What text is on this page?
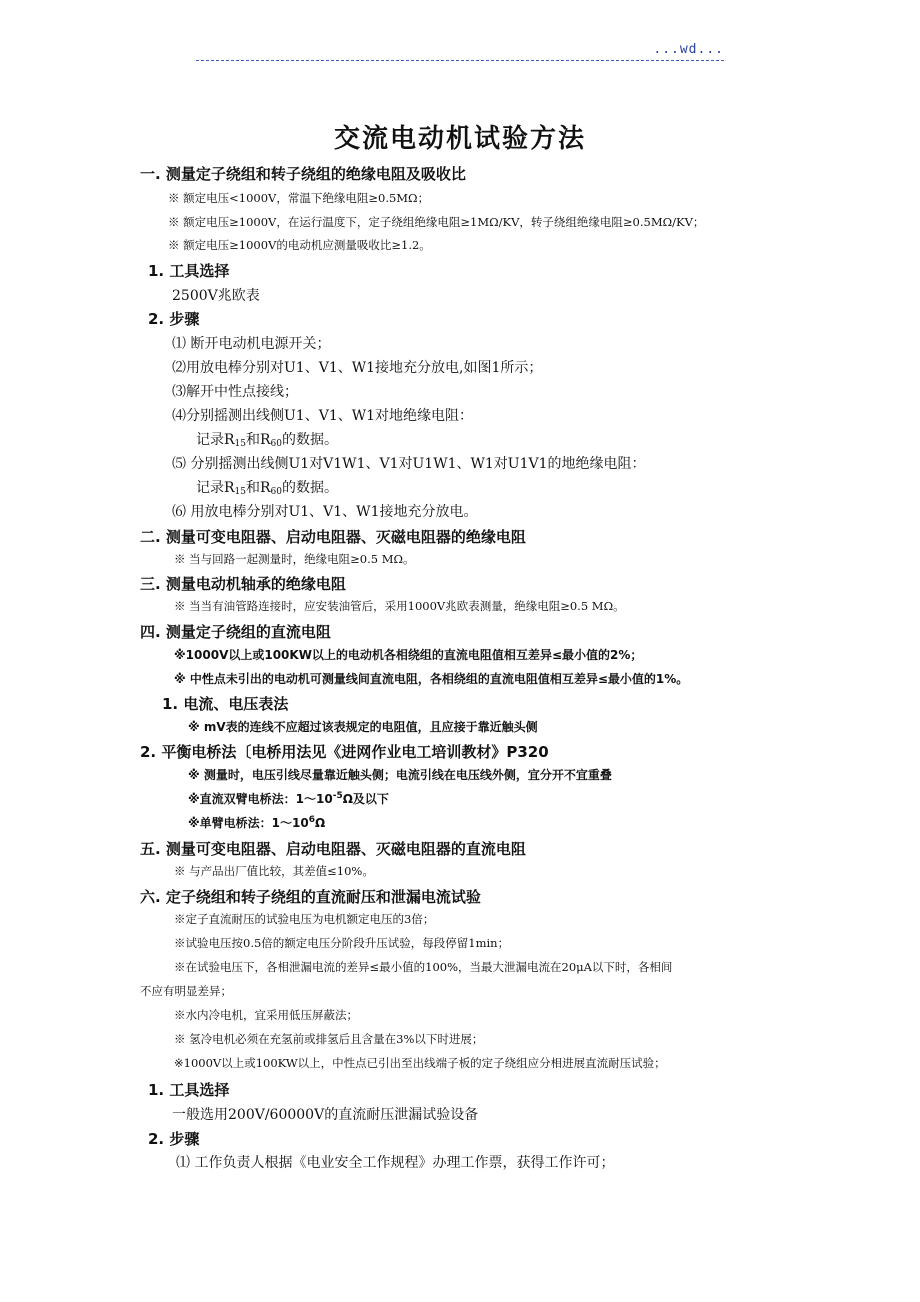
...wd...
交流电动机试验方法
一. 测量定子绕组和转子绕组的绝缘电阻及吸收比
※ 额定电压<1000V，常温下绝缘电阻≥0.5MΩ；
※ 额定电压≥1000V，在运行温度下，定子绕组绝缘电阻≥1MΩ/KV，转子绕组绝缘电阻≥0.5MΩ/KV；
※ 额定电压≥1000V的电动机应测量吸收比≥1.2。
1. 工具选择
2500V兆欧表
2. 步骤
⑴ 断开电动机电源开关；
⑵用放电棒分别对U1、V1、W1接地充分放电,如图1所示；
⑶解开中性点接线；
⑷分别摇测出线侧U1、V1、W1对地绝缘电阻：
记录$R_{15}$和$R_{60}$的数据。
⑸ 分别摇测出线侧U1对V1W1、V1对U1W1、W1对U1V1的地绝缘电阻：
记录$R_{15}$和$R_{60}$的数据。
⑹ 用放电棒分别对U1、V1、W1接地充分放电。
二. 测量可变电阻器、启动电阻器、灭磁电阻器的绝缘电阻
※ 当与回路一起测量时，绝缘电阻≥0.5 MΩ。
三. 测量电动机轴承的绝缘电阻
※ 当当有油管路连接时，应安装油管后，采用1000V兆欧表测量，绝缘电阻≥0.5 MΩ。
四. 测量定子绕组的直流电阻
※1000V以上或100KW以上的电动机各相绕组的直流电阻值相互差异≤最小值的2%；
※ 中性点未引出的电动机可测量线间直流电阻，各相绕组的直流电阻值相互差异≤最小值的1%。
1. 电流、电压表法
※ mV表的连线不应超过该表规定的电阻值，且应接于靠近触头侧
2. 平衡电桥法〔电桥用法见《进网作业电工培训教材》P320
※ 测量时，电压引线尽量靠近触头侧；电流引线在电压线外侧，宜分开不宜重叠
※直流双臂电桥法：$1\sim 10^{-5}\Omega$及以下
※单臂电桥法：$1\sim 10^6\Omega$
五. 测量可变电阻器、启动电阻器、灭磁电阻器的直流电阻
※ 与产品出厂值比较，其差值≤10%。
六. 定子绕组和转子绕组的直流耐压和泄漏电流试验
※定子直流耐压的试验电压为电机额定电压的3倍；
※试验电压按0.5倍的额定电压分阶段升压试验，每段停留1min；
※在试验电压下，各相泄漏电流的差异≤最小值的100%，当最大泄漏电流在20μA以下时，各相间
不应有明显差异；
※水内冷电机，宜采用低压屏蔽法；
※ 氢冷电机必须在充氢前或排氢后且含量在3%以下时进展；
※1000V以上或100KW以上，中性点已引出至出线端子板的定子绕组应分相进展直流耐压试验；
1. 工具选择
一般选用200V/60000V的直流耐压泄漏试验设备
2. 步骤
⑴ 工作负责人根据《电业安全工作规程》办理工作票，获得工作许可；
